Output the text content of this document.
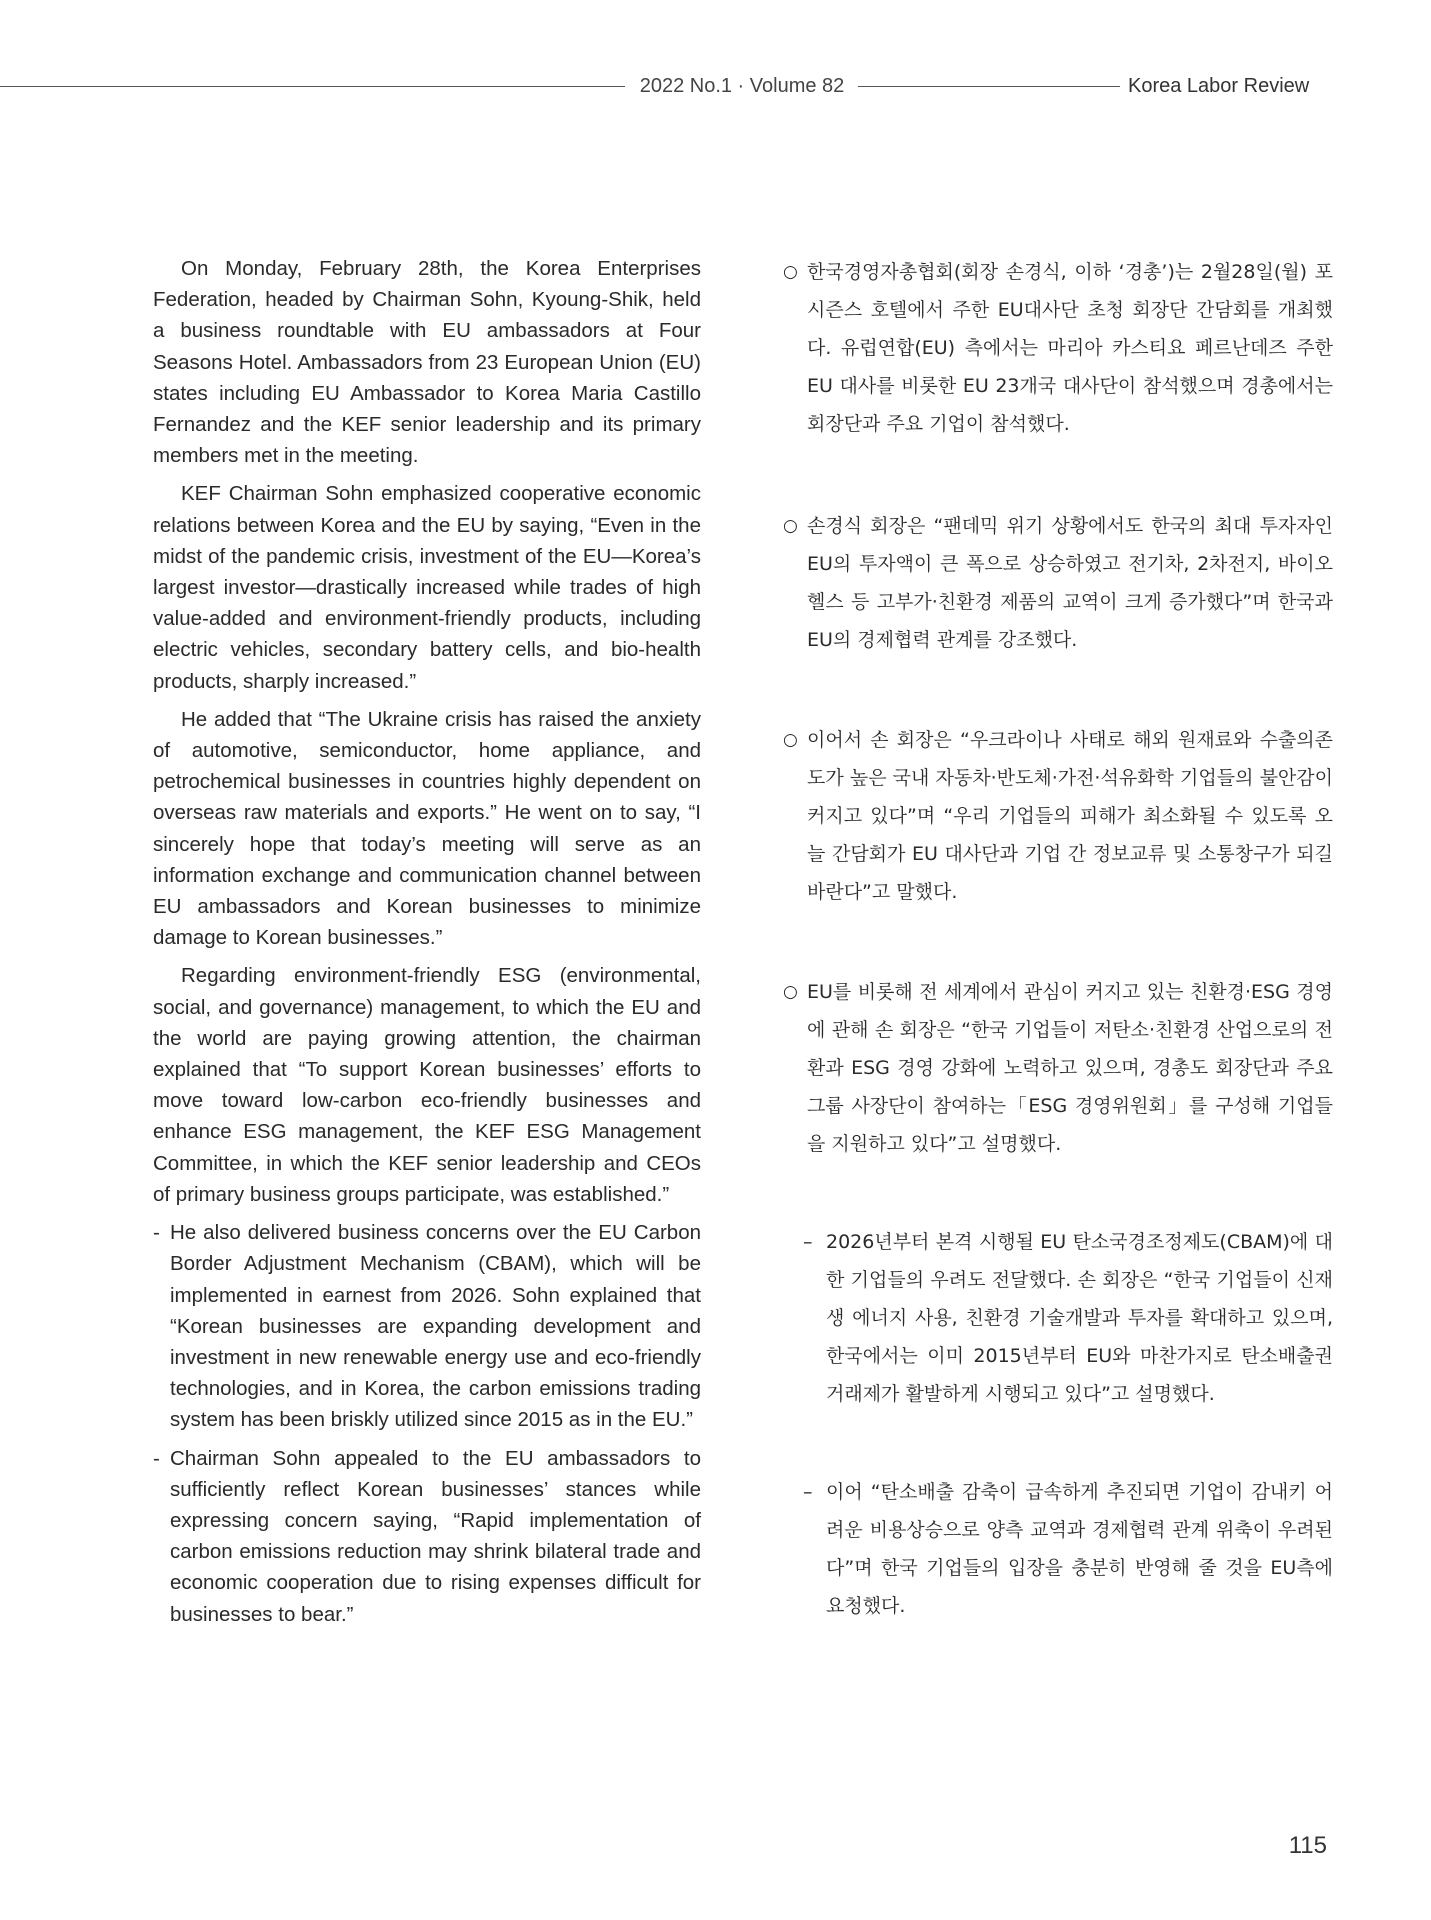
2022 No.1 · Volume 82	Korea Labor Review

On Monday, February 28th, the Korea Enterprises Federation, headed by Chairman Sohn, Kyoung-Shik, held a business roundtable with EU ambassadors at Four Seasons Hotel. Ambassadors from 23 European Union (EU) states including EU Ambassador to Korea Maria Castillo Fernandez and the KEF senior leadership and its primary members met in the meeting.

KEF Chairman Sohn emphasized cooperative economic relations between Korea and the EU by saying, “Even in the midst of the pandemic crisis, investment of the EU—Korea’s largest investor—drastically increased while trades of high value-added and environment-friendly products, including electric vehicles, secondary battery cells, and bio-health products, sharply increased.”

He added that “The Ukraine crisis has raised the anxiety of automotive, semiconductor, home appliance, and petrochemical businesses in countries highly dependent on overseas raw materials and exports.” He went on to say, “I sincerely hope that today’s meeting will serve as an information exchange and communication channel between EU ambassadors and Korean businesses to minimize damage to Korean businesses.”

Regarding environment-friendly ESG (environmental, social, and governance) management, to which the EU and the world are paying growing attention, the chairman explained that “To support Korean businesses’ efforts to move toward low-carbon eco-friendly businesses and enhance ESG management, the KEF ESG Management Committee, in which the KEF senior leadership and CEOs of primary business groups participate, was established.”

- He also delivered business concerns over the EU Carbon Border Adjustment Mechanism (CBAM), which will be implemented in earnest from 2026. Sohn explained that “Korean businesses are expanding development and investment in new renewable energy use and eco-friendly technologies, and in Korea, the carbon emissions trading system has been briskly utilized since 2015 as in the EU.”
- Chairman Sohn appealed to the EU ambassadors to sufficiently reflect Korean businesses’ stances while expressing concern saying, “Rapid implementation of carbon emissions reduction may shrink bilateral trade and economic cooperation due to rising expenses difficult for businesses to bear.”
○ 한국경영자총협회(회장 손경식, 이하 ‘경총’)는 2월28일(월) 포시즌스 호텔에서 주한 EU대사단 초청 회장단 간담회를 개최했다. 유럽연합(EU) 측에서는 마리아 카스티요 페르난데즈 주한 EU 대사를 비롯한 EU 23개국 대사단이 참석했으며 경총에서는 회장단과 주요 기업이 참석했다.
○ 손경식 회장은 “팬데믹 위기 상황에서도 한국의 최대 투자자인 EU의 투자액이 큰 폭으로 상승하였고 전기차, 2차전지, 바이오헬스 등 고부가·친환경 제품의 교역이 크게 증가했다”며 한국과 EU의 경제협력 관계를 강조했다.
○ 이어서 손 회장은 “우크라이나 사태로 해외 원재료와 수출의존도가 높은 국내 자동차·반도체·가전·석유화학 기업들의 불안감이 커지고 있다”며 “우리 기업들의 피해가 최소화될 수 있도록 오늘 간담회가 EU 대사단과 기업 간 정보교류 및 소통창구가 되길 바란다”고 말했다.
○ EU를 비롯해 전 세계에서 관심이 커지고 있는 친환경·ESG 경영에 관해 손 회장은 “한국 기업들이 저탄소·친환경 산업으로의 전환과 ESG 경영 강화에 노력하고 있으며, 경총도 회장단과 주요 그룹 사장단이 참여하는「ESG 경영위원회」를 구성해 기업들을 지원하고 있다”고 설명했다.
– 2026년부터 본격 시행될 EU 탄소국경조정제도(CBAM)에 대한 기업들의 우려도 전달했다. 손 회장은 “한국 기업들이 신재생 에너지 사용, 친환경 기술개발과 투자를 확대하고 있으며, 한국에서는 이미 2015년부터 EU와 마찬가지로 탄소배출권 거래제가 활발하게 시행되고 있다”고 설명했다.
– 이어 “탄소배출 감축이 급속하게 추진되면 기업이 감내키 어려운 비용상승으로 양측 교역과 경제협력 관계 위축이 우려된다”며 한국 기업들의 입장을 충분히 반영해 줄 것을 EU측에 요청했다.
115
